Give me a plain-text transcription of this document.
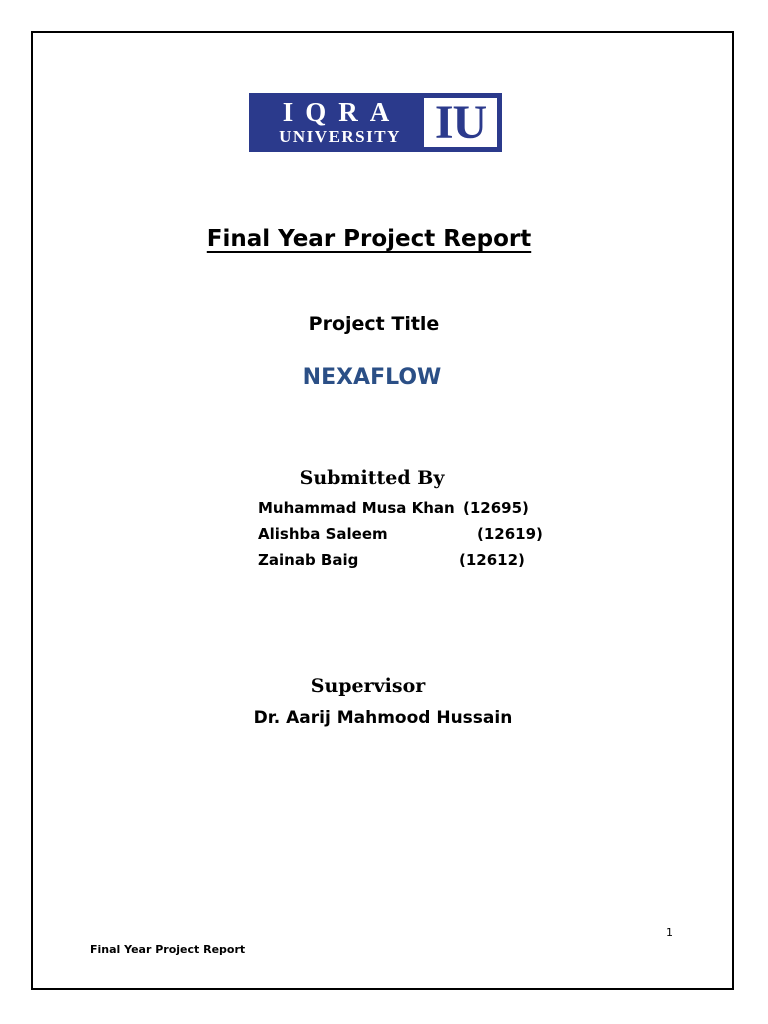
IQRA
UNIVERSITY IU
Final Year Project Report
Project Title
NEXAFLOW
Submitted By
Muhammad Musa Khan (12695)
Alishba Saleem	(12619)
Zainab Baig	(12612)
Supervisor
Dr. Aarij Mahmood Hussain
1
Final Year Project Report
